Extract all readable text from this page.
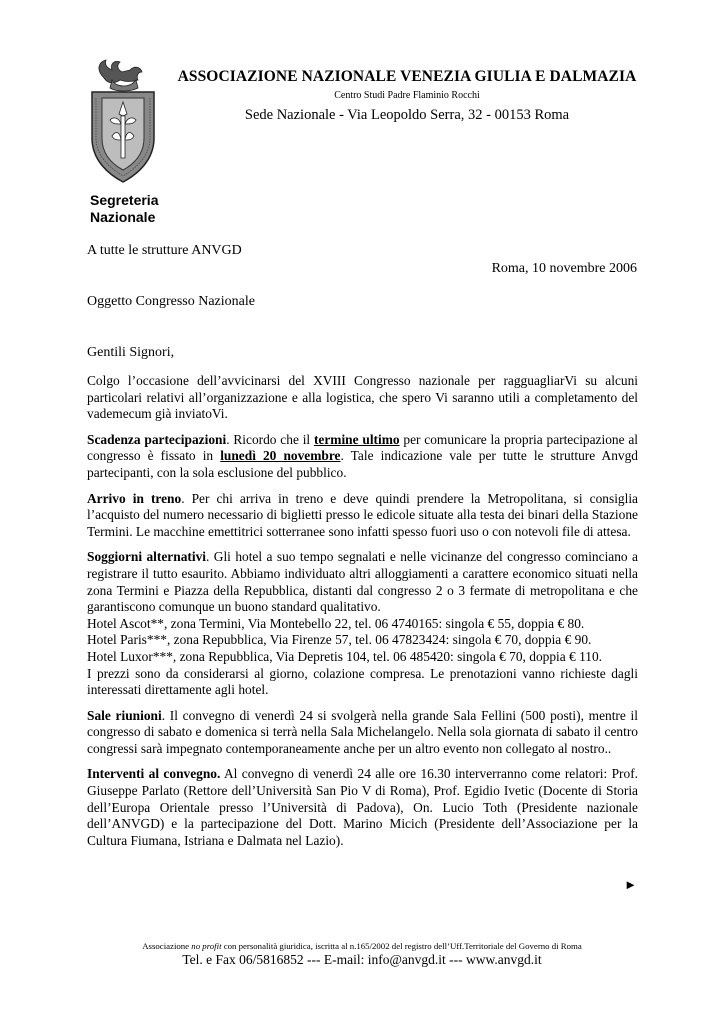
ASSOCIAZIONE NAZIONALE VENEZIA GIULIA E DALMAZIA
Centro Studi Padre Flaminio Rocchi
Sede Nazionale - Via Leopoldo Serra, 32 - 00153 Roma
Segreteria
Nazionale
A tutte le strutture ANVGD
Roma, 10 novembre 2006
Oggetto Congresso Nazionale
Gentili Signori,

Colgo l’occasione dell’avvicinarsi del XVIII Congresso nazionale per ragguagliarVi su alcuni particolari relativi all’organizzazione e alla logistica, che spero Vi saranno utili a completamento del vademecum già inviatoVi.

Scadenza partecipazioni. Ricordo che il termine ultimo per comunicare la propria partecipazione al congresso è fissato in lunedì 20 novembre. Tale indicazione vale per tutte le strutture Anvgd partecipanti, con la sola esclusione del pubblico.

Arrivo in treno. Per chi arriva in treno e deve quindi prendere la Metropolitana, si consiglia l’acquisto del numero necessario di biglietti presso le edicole situate alla testa dei binari della Stazione Termini. Le macchine emettitrici sotterranee sono infatti spesso fuori uso o con notevoli file di attesa.

Soggiorni alternativi. Gli hotel a suo tempo segnalati e nelle vicinanze del congresso cominciano a registrare il tutto esaurito. Abbiamo individuato altri alloggiamenti a carattere economico situati nella zona Termini e Piazza della Repubblica, distanti dal congresso 2 o 3 fermate di metropolitana e che garantiscono comunque un buono standard qualitativo.

Hotel Ascot**, zona Termini, Via Montebello 22, tel. 06 4740165: singola € 55, doppia € 80.
Hotel Paris***, zona Repubblica, Via Firenze 57, tel. 06 47823424: singola € 70, doppia € 90.
Hotel Luxor***, zona Repubblica, Via Depretis 104, tel. 06 485420: singola € 70, doppia € 110.

I prezzi sono da considerarsi al giorno, colazione compresa. Le prenotazioni vanno richieste dagli interessati direttamente agli hotel.

Sale riunioni. Il convegno di venerdì 24 si svolgerà nella grande Sala Fellini (500 posti), mentre il congresso di sabato e domenica si terrà nella Sala Michelangelo. Nella sola giornata di sabato il centro congressi sarà impegnato contemporaneamente anche per un altro evento non collegato al nostro..

Interventi al convegno. Al convegno di venerdì 24 alle ore 16.30 interverranno come relatori: Prof. Giuseppe Parlato (Rettore dell’Università San Pio V di Roma), Prof. Egidio Ivetic (Docente di Storia dell’Europa Orientale presso l’Università di Padova), On. Lucio Toth (Presidente nazionale dell’ANVGD) e la partecipazione del Dott. Marino Micich (Presidente dell’Associazione per la Cultura Fiumana, Istriana e Dalmata nel Lazio).

►
Associazione no profit con personalità giuridica, iscritta al n.165/2002 del registro dell’Uff.Territoriale del Governo di Roma
Tel. e Fax 06/5816852 --- E-mail: info@anvgd.it --- www.anvgd.it
